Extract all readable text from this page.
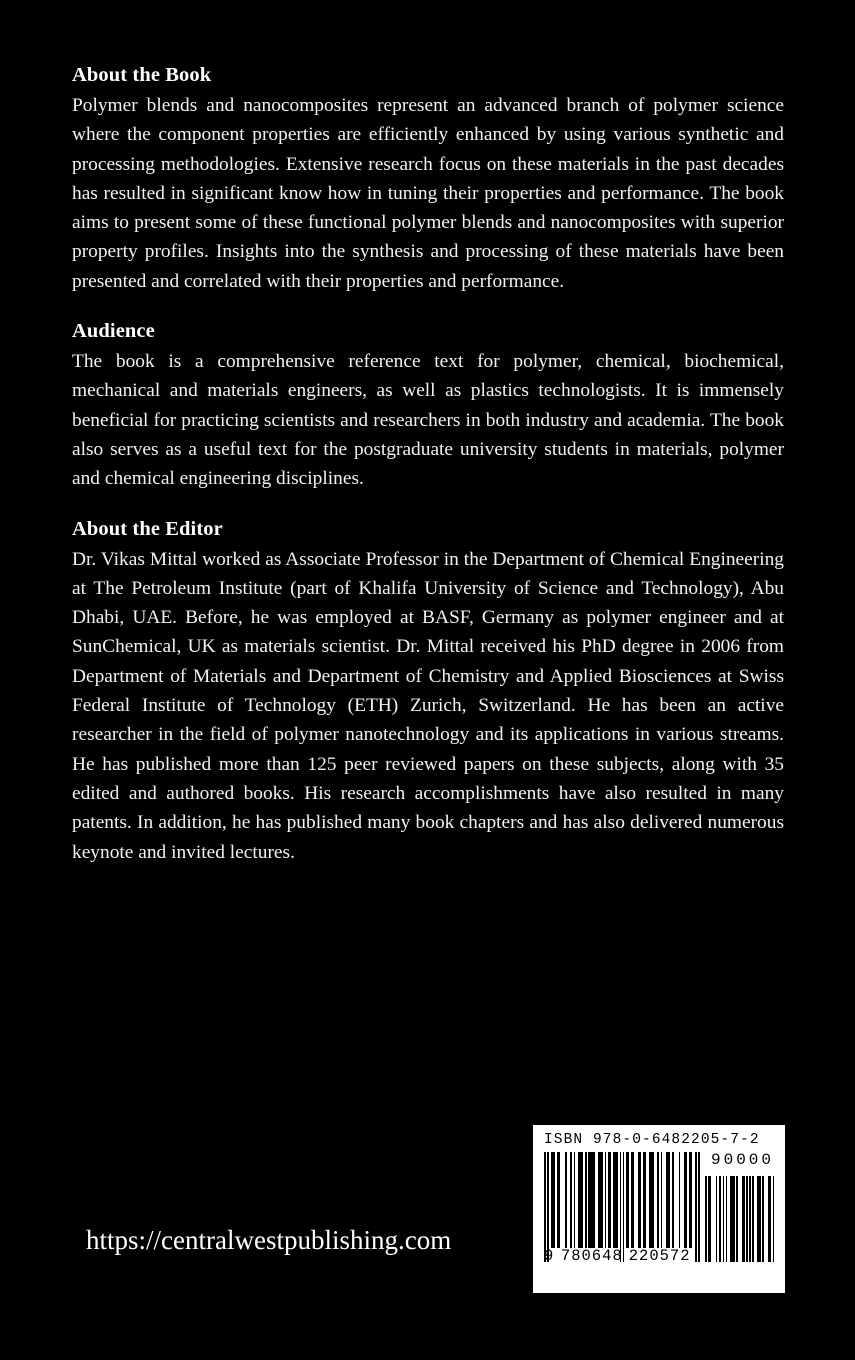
About the Book

Polymer blends and nanocomposites represent an advanced branch of polymer science where the component properties are efficiently enhanced by using various synthetic and processing methodologies. Extensive research focus on these materials in the past decades has resulted in significant know how in tuning their properties and performance. The book aims to present some of these functional polymer blends and nanocomposites with superior property profiles. Insights into the synthesis and processing of these materials have been presented and correlated with their properties and performance.

Audience

The book is a comprehensive reference text for polymer, chemical, biochemical, mechanical and materials engineers, as well as plastics technologists. It is immensely beneficial for practicing scientists and researchers in both industry and academia. The book also serves as a useful text for the postgraduate university students in materials, polymer and chemical engineering disciplines.

About the Editor

Dr. Vikas Mittal worked as Associate Professor in the Department of Chemical Engineering at The Petroleum Institute (part of Khalifa University of Science and Technology), Abu Dhabi, UAE. Before, he was employed at BASF, Germany as polymer engineer and at SunChemical, UK as materials scientist. Dr. Mittal received his PhD degree in 2006 from Department of Materials and Department of Chemistry and Applied Biosciences at Swiss Federal Institute of Technology (ETH) Zurich, Switzerland. He has been an active researcher in the field of polymer nanotechnology and its applications in various streams. He has published more than 125 peer reviewed papers on these subjects, along with 35 edited and authored books. His research accomplishments have also resulted in many patents. In addition, he has published many book chapters and has also delivered numerous keynote and invited lectures.

https://centralwestpublishing.com
ISBN 978-0-6482205-7-2
9 780648 220572
90000
